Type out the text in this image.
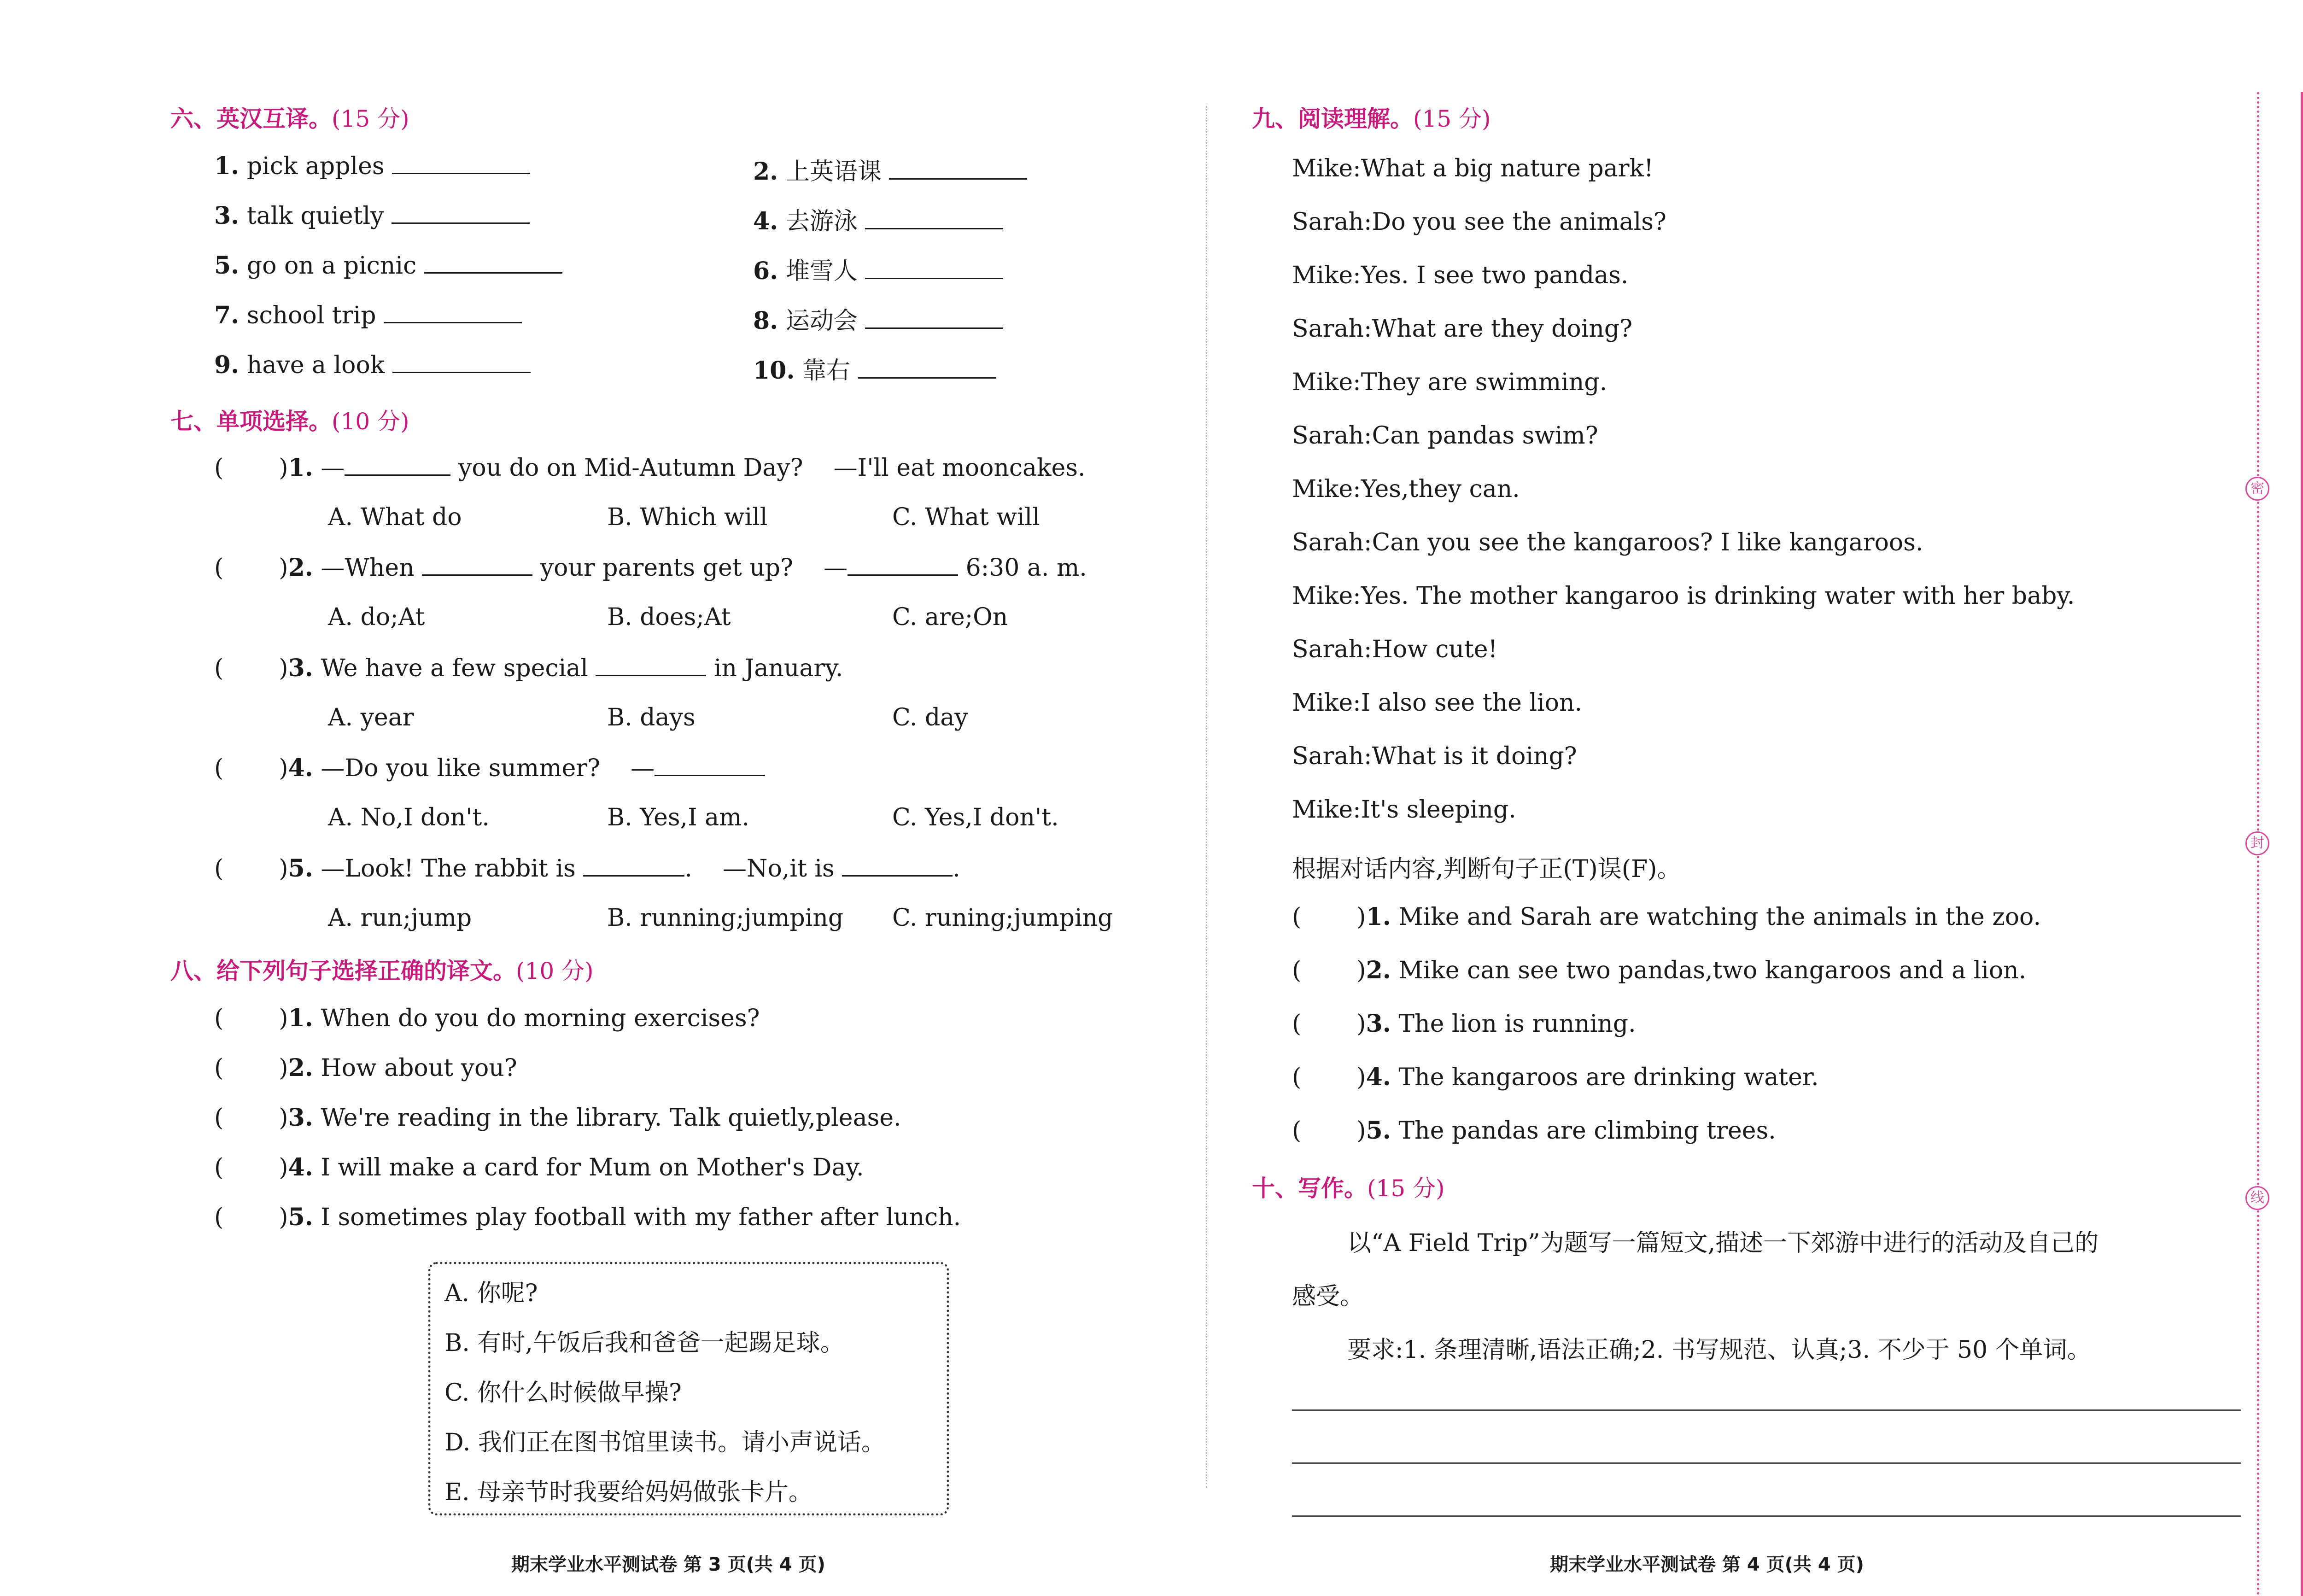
六、英汉互译。(15 分)
1. pick apples	2. 上英语课
3. talk quietly	4. 去游泳
5. go on a picnic	6. 堆雪人
7. school trip	8. 运动会
9. have a look	10. 靠右
七、单项选择。(10 分)
( )1. —	you do on Mid-Autumn Day? —I'll eat mooncakes.
A. What do	B. Which will	C. What will
( )2. —When	your parents get up? —	6:30 a. m.
A. do;At	B. does;At	C. are;On
( )3. We have a few special	in January.
A. year	B. days	C. day
( )4. —Do you like summer? —
A. No,I don't.	B. Yes,I am.	C. Yes,I don't.
( )5. —Look! The rabbit is	. —No,it is	.
A. run;jump	B. running;jumping C. runing;jumping
八、给下列句子选择正确的译文。(10 分)
( )1. When do you do morning exercises?
( )2. How about you?
( )3. We're reading in the library. Talk quietly,please.
( )4. I will make a card for Mum on Mother's Day.
( )5. I sometimes play football with my father after lunch.
A. 你呢?
B. 有时,午饭后我和爸爸一起踢足球。
C. 你什么时候做早操?
D. 我们正在图书馆里读书。请小声说话。
E. 母亲节时我要给妈妈做张卡片。
期末学业水平测试卷 第 3 页(共 4 页)
九、阅读理解。(15 分)
Mike:What a big nature park!
Sarah:Do you see the animals?
Mike:Yes. I see two pandas.
Sarah:What are they doing?
Mike:They are swimming.
Sarah:Can pandas swim?
Mike:Yes,they can.
Sarah:Can you see the kangaroos? I like kangaroos.
Mike:Yes. The mother kangaroo is drinking water with her baby.
Sarah:How cute!
Mike:I also see the lion.
Sarah:What is it doing?
Mike:It's sleeping.
根据对话内容,判断句子正(T)误(F)。
( )1. Mike and Sarah are watching the animals in the zoo.
( )2. Mike can see two pandas,two kangaroos and a lion.
( )3. The lion is running.
( )4. The kangaroos are drinking water.
( )5. The pandas are climbing trees.
十、写作。(15 分)
以“A Field Trip”为题写一篇短文,描述一下郊游中进行的活动及自己的
感受。
要求:1. 条理清晰,语法正确;2. 书写规范、认真;3. 不少于 50 个单词。
期末学业水平测试卷 第 4 页(共 4 页)
密
封
线
